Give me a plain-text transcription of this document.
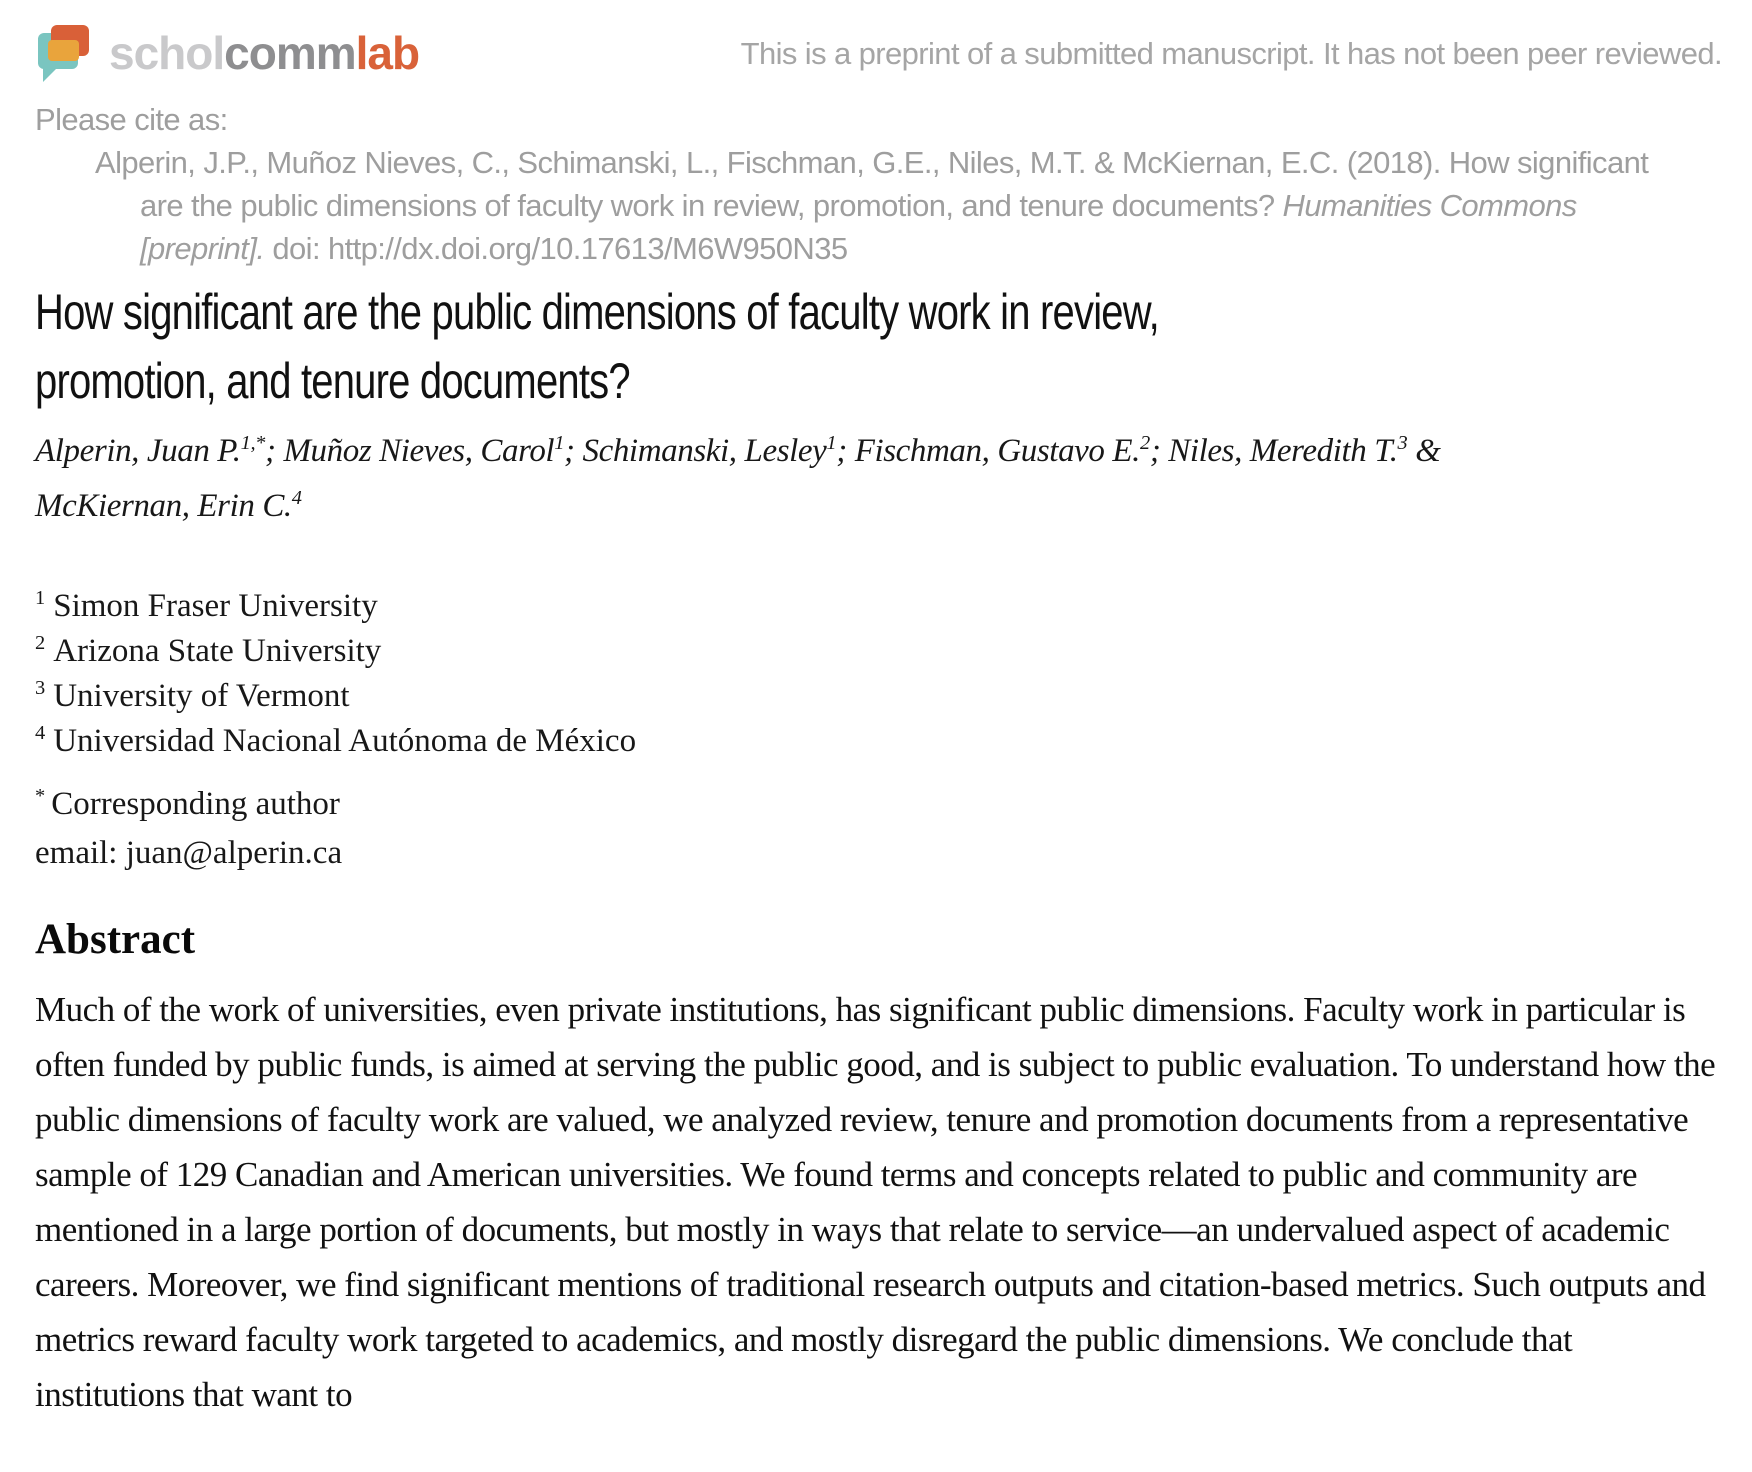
scholcommlab	This is a preprint of a submitted manuscript. It has not been peer reviewed.
Please cite as:

Alperin, J.P., Muñoz Nieves, C., Schimanski, L., Fischman, G.E., Niles, M.T. & McKiernan, E.C. (2018). How significant are the public dimensions of faculty work in review, promotion, and tenure documents? Humanities Commons [preprint]. doi: http://dx.doi.org/10.17613/M6W950N35

How significant are the public dimensions of faculty work in review,
promotion, and tenure documents?
Alperin, Juan P.$^{1,*}$; Muñoz Nieves, Carol$^1$; Schimanski, Lesley$^1$; Fischman, Gustavo E.$^2$; Niles, Meredith T.$^3$ &
McKiernan, Erin C.$^4$
$^1$ Simon Fraser University
$^2$ Arizona State University
$^3$ University of Vermont
$^4$ Universidad Nacional Autónoma de México
* Corresponding author
email: juan@alperin.ca
Abstract

Much of the work of universities, even private institutions, has significant public dimensions. Faculty work in particular is often funded by public funds, is aimed at serving the public good, and is subject to public evaluation. To understand how the public dimensions of faculty work are valued, we analyzed review, tenure and promotion documents from a representative sample of 129 Canadian and American universities. We found terms and concepts related to public and community are mentioned in a large portion of documents, but mostly in ways that relate to service—an undervalued aspect of academic careers. Moreover, we find significant mentions of traditional research outputs and citation-based metrics. Such outputs and metrics reward faculty work targeted to academics, and mostly disregard the public dimensions. We conclude that institutions that want to
